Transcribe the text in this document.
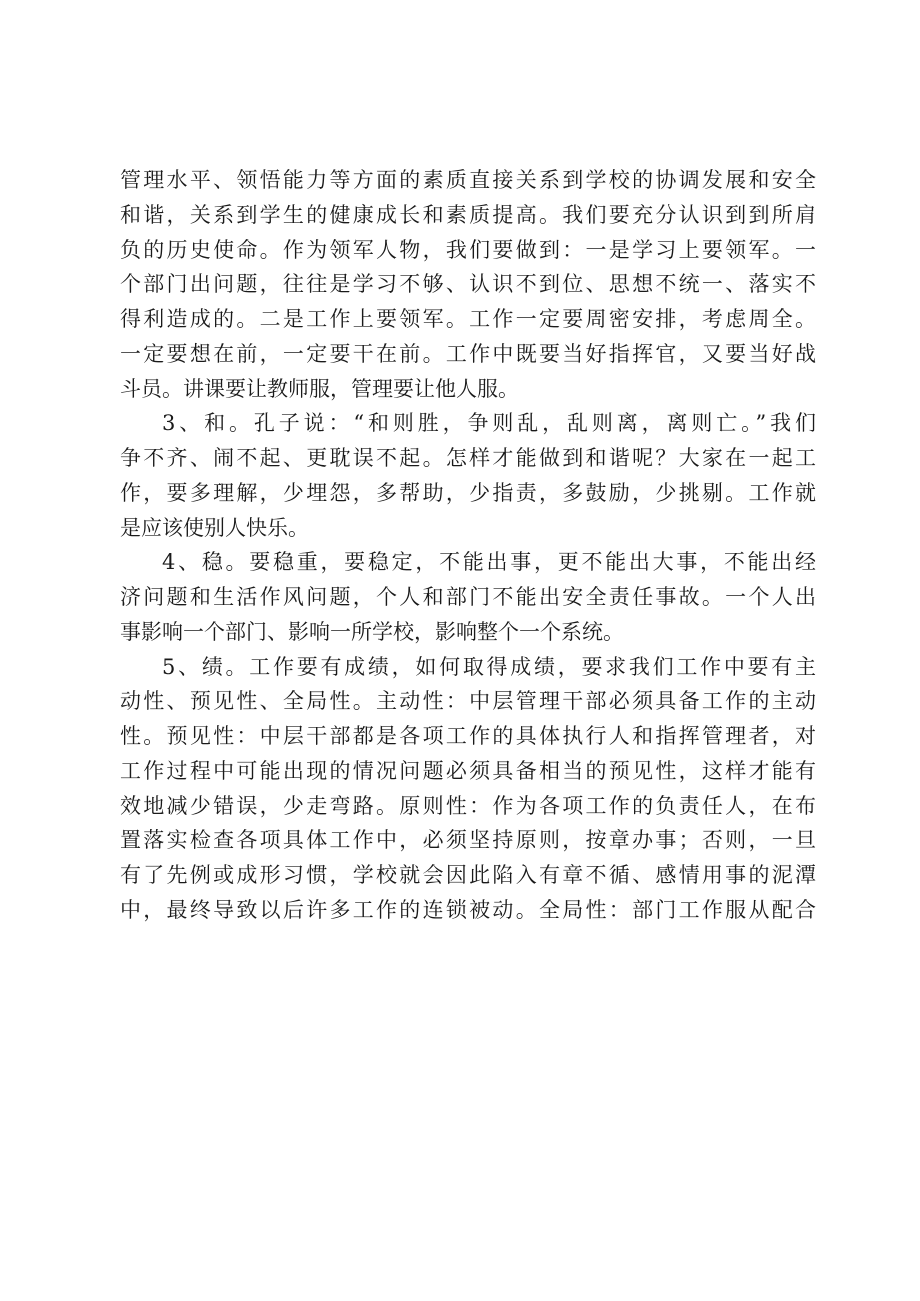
管理水平、领悟能力等方面的素质直接关系到学校的协调发展和安全
和谐，关系到学生的健康成长和素质提高。我们要充分认识到到所肩
负的历史使命。作为领军人物，我们要做到：一是学习上要领军。一
个部门出问题，往往是学习不够、认识不到位、思想不统一、落实不
得利造成的。二是工作上要领军。工作一定要周密安排，考虑周全。
一定要想在前，一定要干在前。工作中既要当好指挥官，又要当好战
斗员。讲课要让教师服，管理要让他人服。
3、和。孔子说：“和则胜，争则乱，乱则离，离则亡。”我们
争不齐、闹不起、更耽误不起。怎样才能做到和谐呢？大家在一起工
作，要多理解，少埋怨，多帮助，少指责，多鼓励，少挑剔。工作就
是应该使别人快乐。
4、稳。要稳重，要稳定，不能出事，更不能出大事，不能出经
济问题和生活作风问题，个人和部门不能出安全责任事故。一个人出
事影响一个部门、影响一所学校，影响整个一个系统。
5、绩。工作要有成绩，如何取得成绩，要求我们工作中要有主
动性、预见性、全局性。主动性：中层管理干部必须具备工作的主动
性。预见性：中层干部都是各项工作的具体执行人和指挥管理者，对
工作过程中可能出现的情况问题必须具备相当的预见性，这样才能有
效地减少错误，少走弯路。原则性：作为各项工作的负责任人，在布
置落实检查各项具体工作中，必须坚持原则，按章办事；否则，一旦
有了先例或成形习惯，学校就会因此陷入有章不循、感情用事的泥潭
中，最终导致以后许多工作的连锁被动。全局性：部门工作服从配合
